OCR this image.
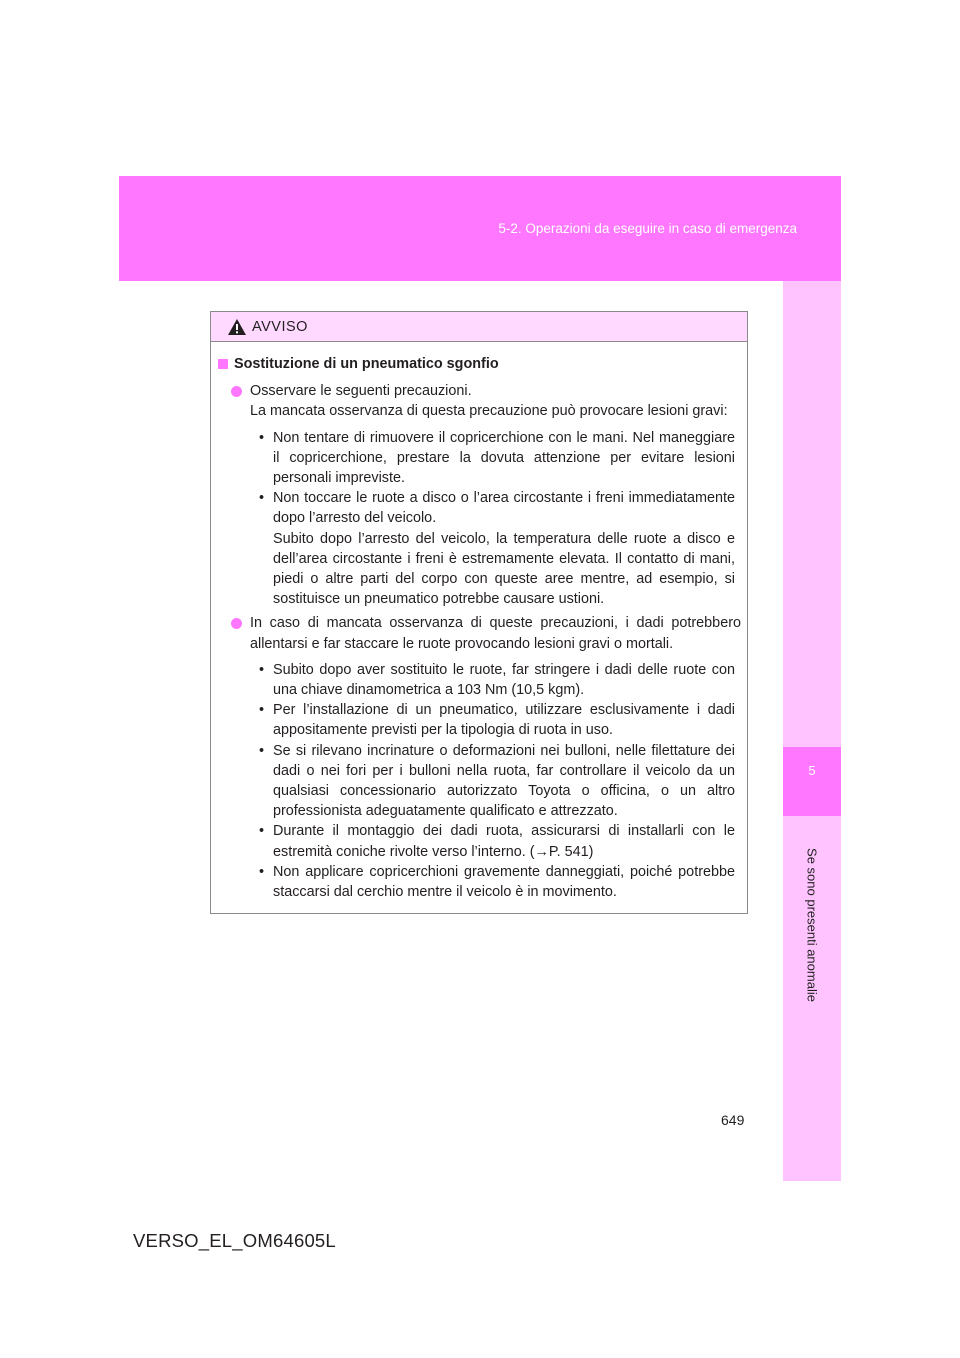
5-2. Operazioni da eseguire in caso di emergenza
5
Se sono presenti anomalie
AVVISO
Sostituzione di un pneumatico sgonfio

Osservare le seguenti precauzioni.

La mancata osservanza di questa precauzione può provocare lesioni gravi:

• Non tentare di rimuovere il copricerchione con le mani. Nel maneggiare il copricerchione, prestare la dovuta attenzione per evitare lesioni personali impreviste.

• Non toccare le ruote a disco o l’area circostante i freni immediatamente dopo l’arresto del veicolo.

Subito dopo l’arresto del veicolo, la temperatura delle ruote a disco e dell’area circostante i freni è estremamente elevata. Il contatto di mani, piedi o altre parti del corpo con queste aree mentre, ad esempio, si sostituisce un pneumatico potrebbe causare ustioni.

In caso di mancata osservanza di queste precauzioni, i dadi potrebbero allentarsi e far staccare le ruote provocando lesioni gravi o mortali.

• Subito dopo aver sostituito le ruote, far stringere i dadi delle ruote con una chiave dinamometrica a 103 Nm (10,5 kgm).

• Per l’installazione di un pneumatico, utilizzare esclusivamente i dadi appositamente previsti per la tipologia di ruota in uso.

• Se si rilevano incrinature o deformazioni nei bulloni, nelle filettature dei dadi o nei fori per i bulloni nella ruota, far controllare il veicolo da un qualsiasi concessionario autorizzato Toyota o officina, o un altro professionista adeguatamente qualificato e attrezzato.

• Durante il montaggio dei dadi ruota, assicurarsi di installarli con le estremità coniche rivolte verso l’interno. (→P. 541)

• Non applicare copricerchioni gravemente danneggiati, poiché potrebbe staccarsi dal cerchio mentre il veicolo è in movimento.

649
VERSO_EL_OM64605L
